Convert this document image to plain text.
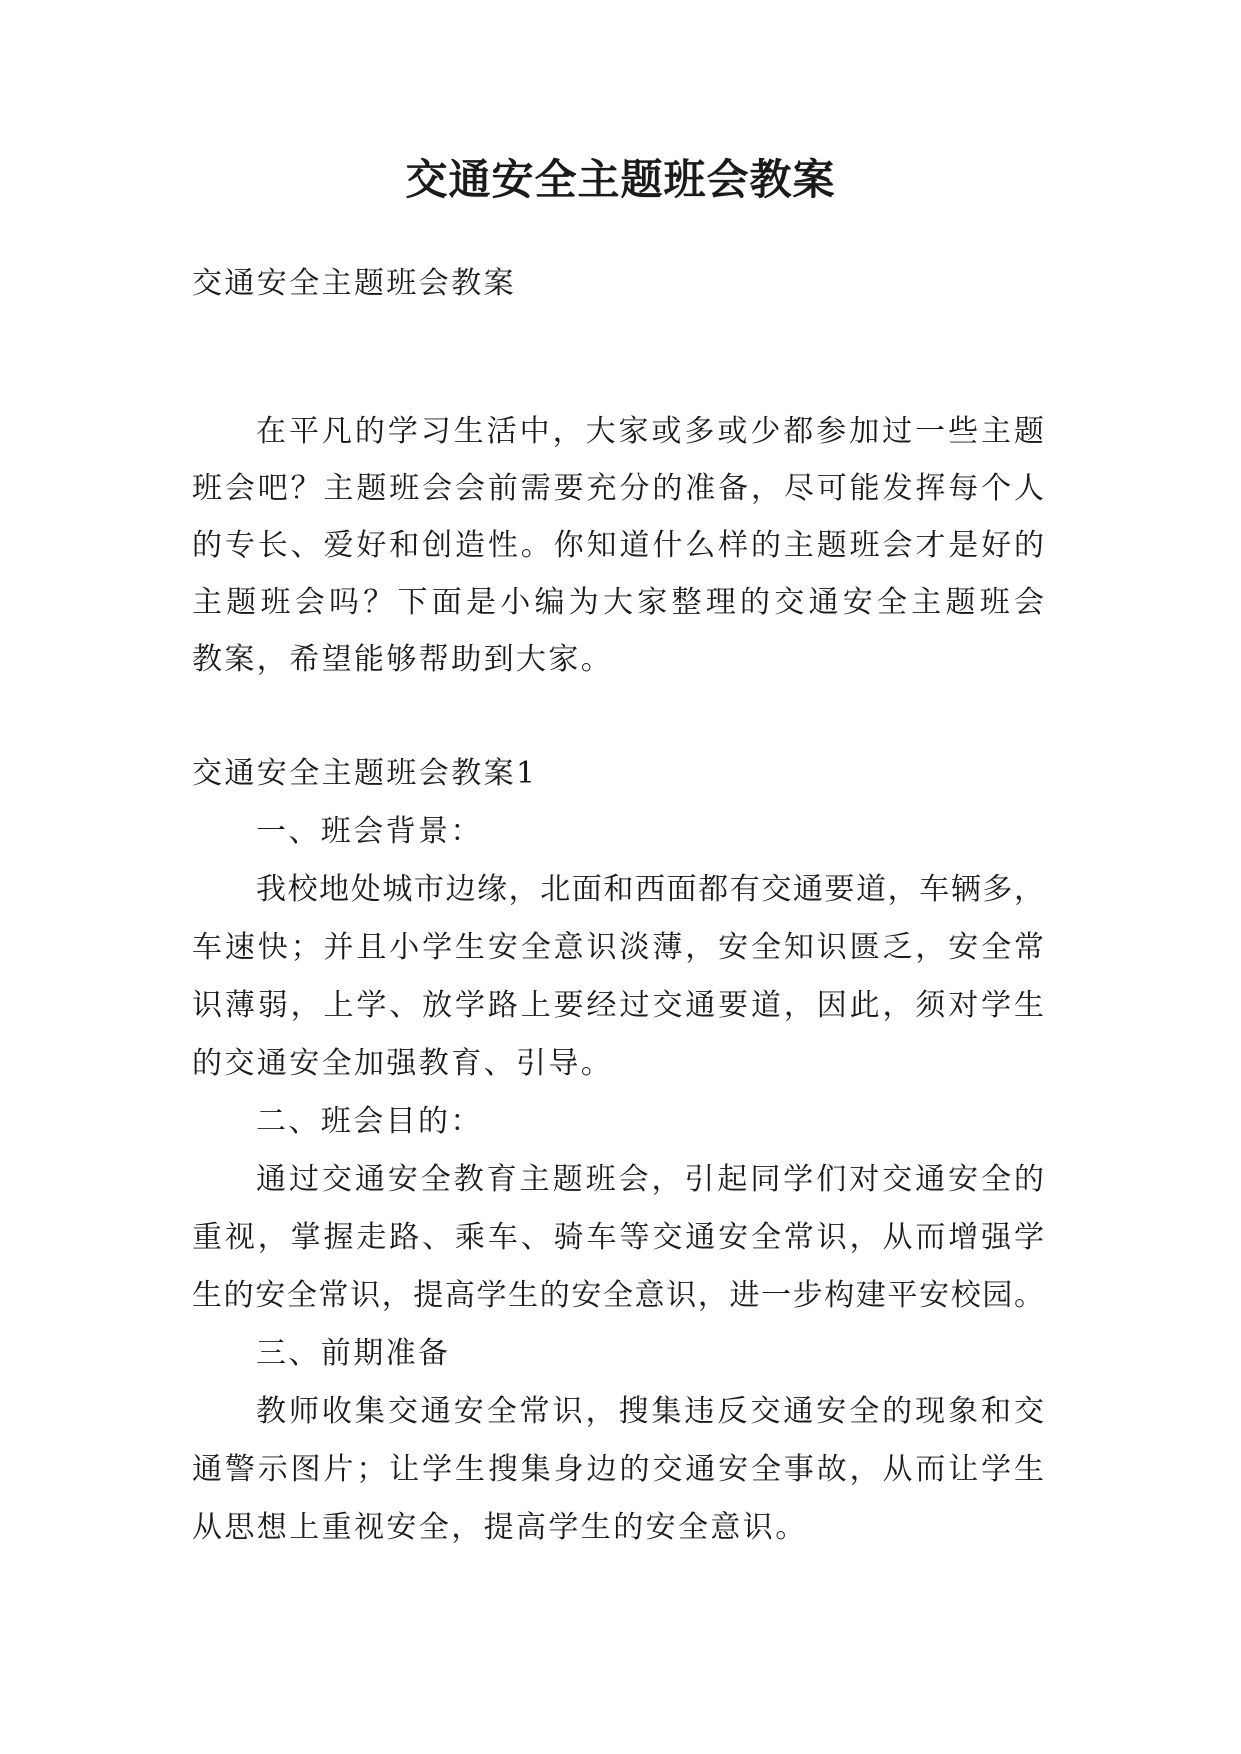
交通安全主题班会教案

交通安全主题班会教案

在平凡的学习生活中，大家或多或少都参加过一些主题

班会吧？主题班会会前需要充分的准备，尽可能发挥每个人

的专长、爱好和创造性。你知道什么样的主题班会才是好的

主题班会吗？下面是小编为大家整理的交通安全主题班会

教案，希望能够帮助到大家。

交通安全主题班会教案1

一、班会背景：

我校地处城市边缘，北面和西面都有交通要道，车辆多，

车速快；并且小学生安全意识淡薄，安全知识匮乏，安全常

识薄弱，上学、放学路上要经过交通要道，因此，须对学生

的交通安全加强教育、引导。

二、班会目的：

通过交通安全教育主题班会，引起同学们对交通安全的

重视，掌握走路、乘车、骑车等交通安全常识，从而增强学

生的安全常识，提高学生的安全意识，进一步构建平安校园。

三、前期准备

教师收集交通安全常识，搜集违反交通安全的现象和交

通警示图片；让学生搜集身边的交通安全事故，从而让学生

从思想上重视安全，提高学生的安全意识。
